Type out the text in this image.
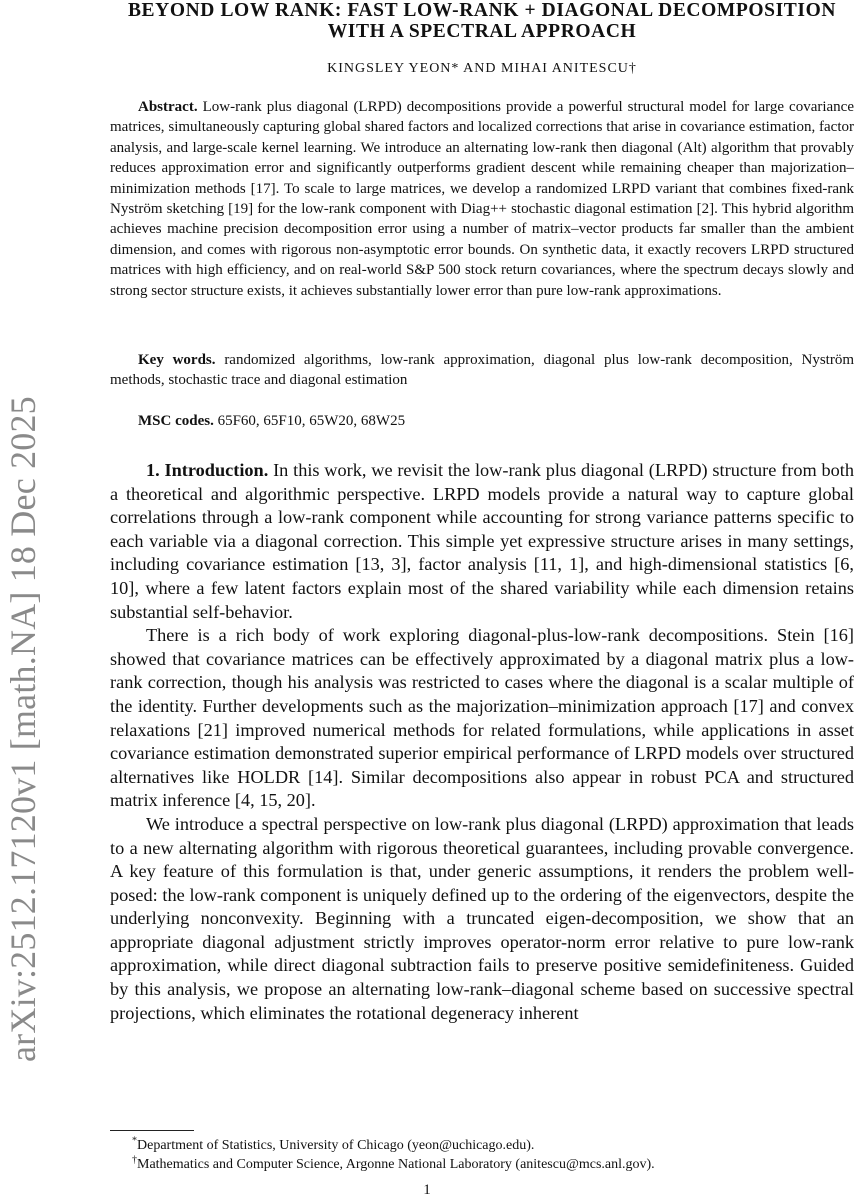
arXiv:2512.17120v1 [math.NA] 18 Dec 2025
BEYOND LOW RANK: FAST LOW-RANK + DIAGONAL DECOMPOSITION WITH A SPECTRAL APPROACH
KINGSLEY YEON* AND MIHAI ANITESCU†
Abstract. Low-rank plus diagonal (LRPD) decompositions provide a powerful structural model for large covariance matrices, simultaneously capturing global shared factors and localized corrections that arise in covariance estimation, factor analysis, and large-scale kernel learning. We introduce an alternating low-rank then diagonal (Alt) algorithm that provably reduces approximation error and significantly outperforms gradient descent while remaining cheaper than majorization–minimization methods [17]. To scale to large matrices, we develop a randomized LRPD variant that combines fixed-rank Nyström sketching [19] for the low-rank component with Diag++ stochastic diagonal estimation [2]. This hybrid algorithm achieves machine precision decomposition error using a number of matrix–vector products far smaller than the ambient dimension, and comes with rigorous non-asymptotic error bounds. On synthetic data, it exactly recovers LRPD structured matrices with high efficiency, and on real-world S&P 500 stock return covariances, where the spectrum decays slowly and strong sector structure exists, it achieves substantially lower error than pure low-rank approximations.
Key words. randomized algorithms, low-rank approximation, diagonal plus low-rank decomposition, Nyström methods, stochastic trace and diagonal estimation
MSC codes. 65F60, 65F10, 65W20, 68W25

1. Introduction. In this work, we revisit the low-rank plus diagonal (LRPD) structure from both a theoretical and algorithmic perspective. LRPD models provide a natural way to capture global correlations through a low-rank component while accounting for strong variance patterns specific to each variable via a diagonal correction. This simple yet expressive structure arises in many settings, including covariance estimation [13, 3], factor analysis [11, 1], and high-dimensional statistics [6, 10], where a few latent factors explain most of the shared variability while each dimension retains substantial self-behavior.

There is a rich body of work exploring diagonal-plus-low-rank decompositions. Stein [16] showed that covariance matrices can be effectively approximated by a diagonal matrix plus a low-rank correction, though his analysis was restricted to cases where the diagonal is a scalar multiple of the identity. Further developments such as the majorization–minimization approach [17] and convex relaxations [21] improved numerical methods for related formulations, while applications in asset covariance estimation demonstrated superior empirical performance of LRPD models over structured alternatives like HOLDR [14]. Similar decompositions also appear in robust PCA and structured matrix inference [4, 15, 20].

We introduce a spectral perspective on low-rank plus diagonal (LRPD) approximation that leads to a new alternating algorithm with rigorous theoretical guarantees, including provable convergence. A key feature of this formulation is that, under generic assumptions, it renders the problem well-posed: the low-rank component is uniquely defined up to the ordering of the eigenvectors, despite the underlying nonconvexity. Beginning with a truncated eigen-decomposition, we show that an appropriate diagonal adjustment strictly improves operator-norm error relative to pure low-rank approximation, while direct diagonal subtraction fails to preserve positive semidefiniteness. Guided by this analysis, we propose an alternating low-rank–diagonal scheme based on successive spectral projections, which eliminates the rotational degeneracy inherent

*Department of Statistics, University of Chicago (yeon@uchicago.edu).
†Mathematics and Computer Science, Argonne National Laboratory (anitescu@mcs.anl.gov).
1
